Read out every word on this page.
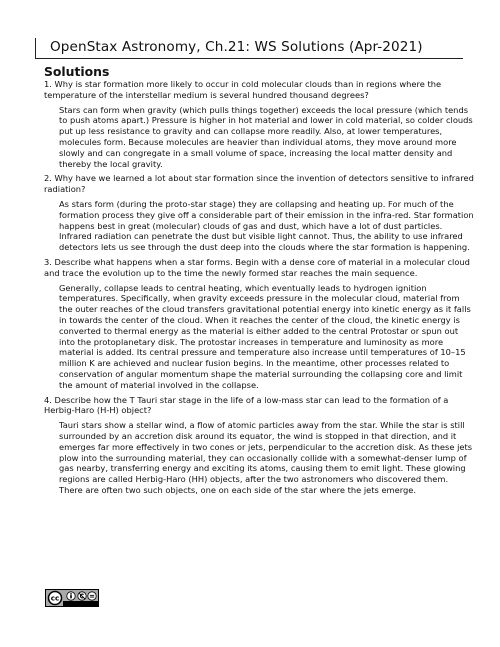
OpenStax Astronomy, Ch.21: WS Solutions (Apr-2021)
Solutions

1. Why is star formation more likely to occur in cold molecular clouds than in regions where the temperature of the interstellar medium is several hundred thousand degrees?

Stars can form when gravity (which pulls things together) exceeds the local pressure (which tends to push atoms apart.) Pressure is higher in hot material and lower in cold material, so colder clouds put up less resistance to gravity and can collapse more readily. Also, at lower temperatures, molecules form. Because molecules are heavier than individual atoms, they move around more slowly and can congregate in a small volume of space, increasing the local matter density and thereby the local gravity.

2. Why have we learned a lot about star formation since the invention of detectors sensitive to infrared radiation?

As stars form (during the proto-star stage) they are collapsing and heating up. For much of the formation process they give off a considerable part of their emission in the infra-red. Star formation happens best in great (molecular) clouds of gas and dust, which have a lot of dust particles. Infrared radiation can penetrate the dust but visible light cannot. Thus, the ability to use infrared detectors lets us see through the dust deep into the clouds where the star formation is happening.

3. Describe what happens when a star forms. Begin with a dense core of material in a molecular cloud and trace the evolution up to the time the newly formed star reaches the main sequence.

Generally, collapse leads to central heating, which eventually leads to hydrogen ignition temperatures. Specifically, when gravity exceeds pressure in the molecular cloud, material from the outer reaches of the cloud transfers gravitational potential energy into kinetic energy as it falls in towards the center of the cloud. When it reaches the center of the cloud, the kinetic energy is converted to thermal energy as the material is either added to the central Protostar or spun out into the protoplanetary disk. The protostar increases in temperature and luminosity as more material is added. Its central pressure and temperature also increase until temperatures of 10–15 million K are achieved and nuclear fusion begins. In the meantime, other processes related to conservation of angular momentum shape the material surrounding the collapsing core and limit the amount of material involved in the collapse.

4. Describe how the T Tauri star stage in the life of a low-mass star can lead to the formation of a Herbig-Haro (H-H) object?

Tauri stars show a stellar wind, a flow of atomic particles away from the star. While the star is still surrounded by an accretion disk around its equator, the wind is stopped in that direction, and it emerges far more effectively in two cones or jets, perpendicular to the accretion disk. As these jets plow into the surrounding material, they can occasionally collide with a somewhat-denser lump of gas nearby, transferring energy and exciting its atoms, causing them to emit light. These glowing regions are called Herbig-Haro (HH) objects, after the two astronomers who discovered them. There are often two such objects, one on each side of the star where the jets emerge.

cc
